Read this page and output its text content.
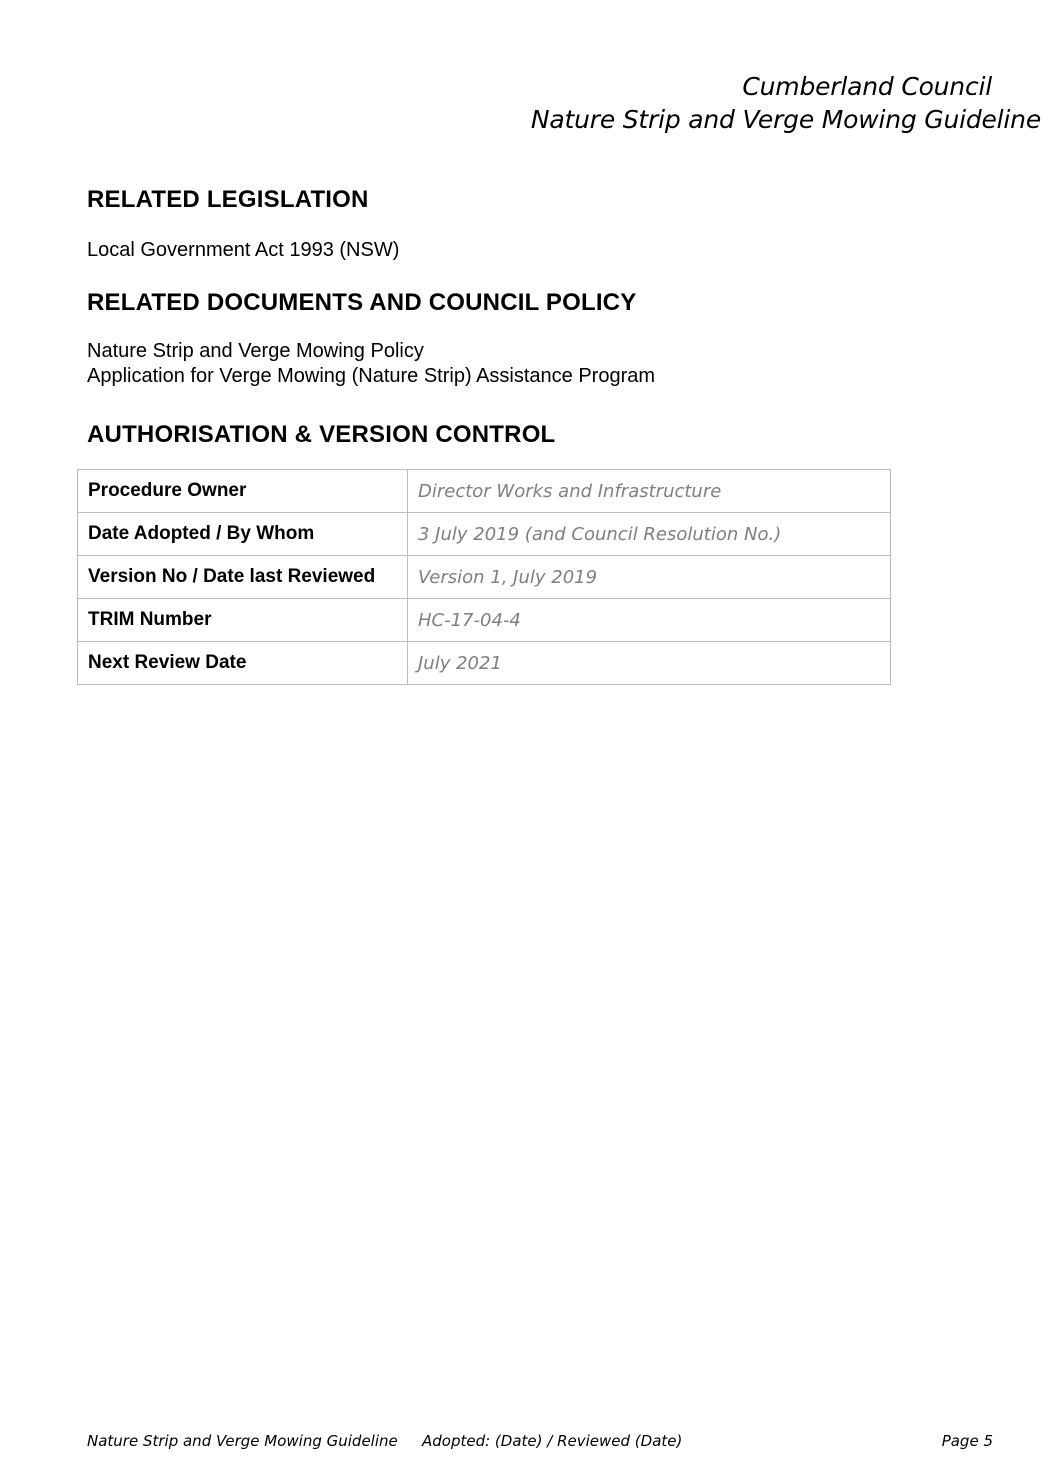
Cumberland Council
Nature Strip and Verge Mowing Guideline
RELATED LEGISLATION

Local Government Act 1993 (NSW)

RELATED DOCUMENTS AND COUNCIL POLICY

Nature Strip and Verge Mowing Policy

Application for Verge Mowing (Nature Strip) Assistance Program

AUTHORISATION & VERSION CONTROL
Procedure Owner	Director Works and Infrastructure
Date Adopted / By Whom	3 July 2019 (and Council Resolution No.)
Version No / Date last Reviewed	Version 1, July 2019
TRIM Number	HC-17-04-4
Next Review Date	July 2021
Nature Strip and Verge Mowing Guideline Adopted: (Date) / Reviewed (Date)	Page 5
